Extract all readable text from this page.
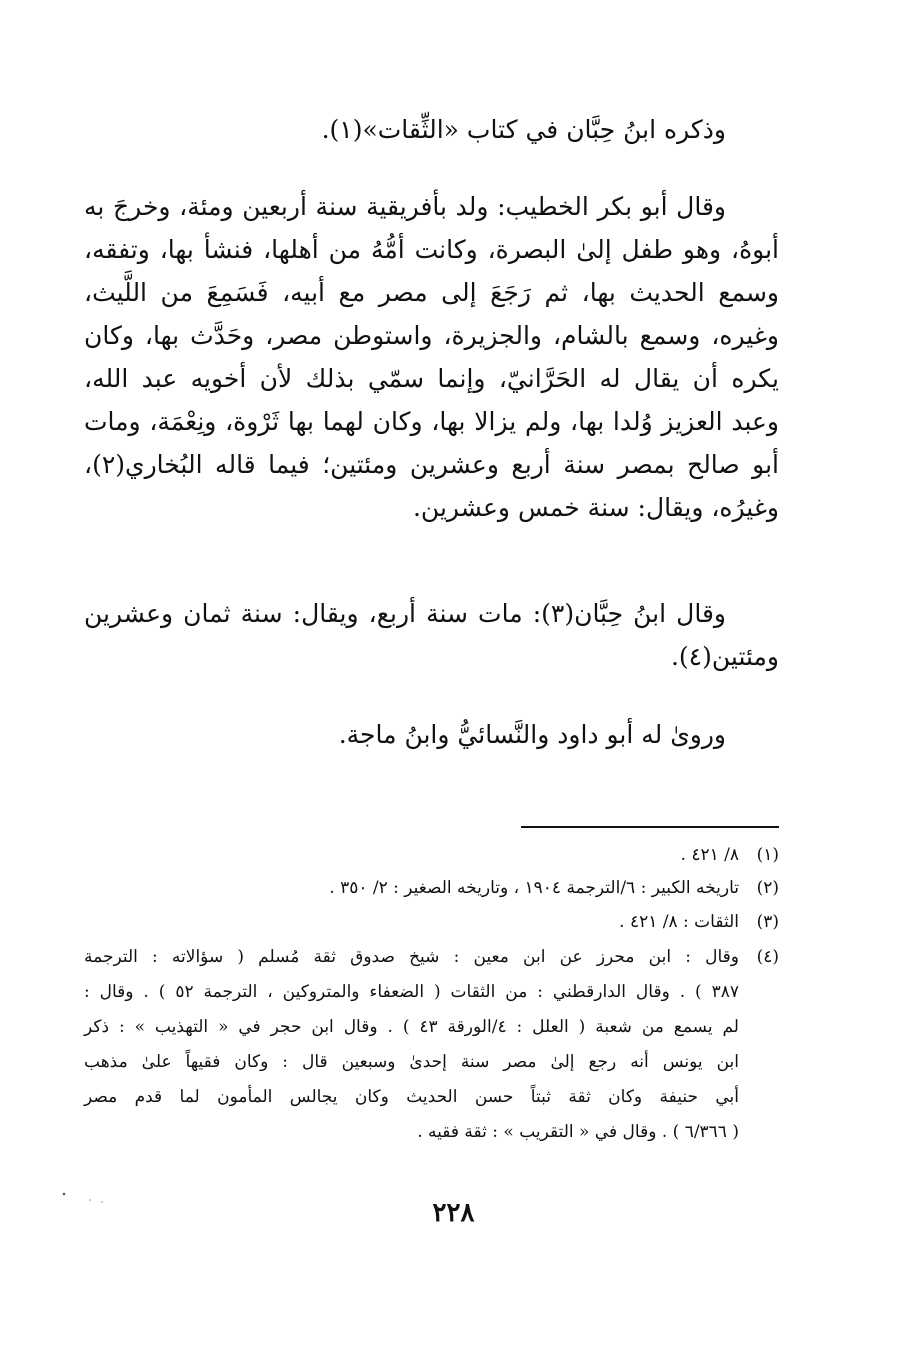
وذكره ابنُ حِبَّان في كتاب «الثِّقات»(١).

وقال أبو بكر الخطيب: ولد بأفريقية سنة أربعين ومئة، وخرجَ به
أبوهُ، وهو طفل إلىٰ البصرة، وكانت أمُّهُ من أهلها، فنشأ بها، وتفقه،
وسمع الحديث بها، ثم رَجَعَ إلى مصر مع أبيه، فَسَمِعَ من اللَّيث،
وغيره، وسمع بالشام، والجزيرة، واستوطن مصر، وحَدَّث بها، وكان
يكره أن يقال له الحَرَّانيّ، وإنما سمّي بذلك لأن أخويه عبد الله،
وعبد العزيز وُلدا بها، ولم يزالا بها، وكان لهما بها ثَرْوة، ونِعْمَة، ومات
أبو صالح بمصر سنة أربع وعشرين ومئتين؛ فيما قاله البُخاري(٢)،
وغيرُه، ويقال: سنة خمس وعشرين.

وقال ابنُ حِبَّان(٣): مات سنة أربع، ويقال: سنة ثمان وعشرين
ومئتين(٤).

وروىٰ له أبو داود والنَّسائيُّ وابنُ ماجة.

(١)٨/ ٤٢١ .

(٢)تاريخه الكبير : ٦/الترجمة ١٩٠٤ ، وتاريخه الصغير : ٢/ ٣٥٠ .

(٣)الثقات : ٨/ ٤٢١ .

(٤)
وقال : ابن محرز عن ابن معين : شيخ صدوق ثقة مُسلم ( سؤالاته : الترجمة
٣٨٧ ) . وقال الدارقطني : من الثقات ( الضعفاء والمتروكين ، الترجمة ٥٢ ) . وقال :
لم يسمع من شعبة ( العلل : ٤/الورقة ٤٣ ) . وقال ابن حجر في « التهذيب » : ذكر
ابن يونس أنه رجع إلىٰ مصر سنة إحدىٰ وسبعين قال : وكان فقيهاً علىٰ مذهب
أبي حنيفة وكان ثقة ثبتاً حسن الحديث وكان يجالس المأمون لما قدم مصر
( ٦/٣٦٦ ) . وقال في « التقريب » : ثقة فقيه .
٢٢٨
